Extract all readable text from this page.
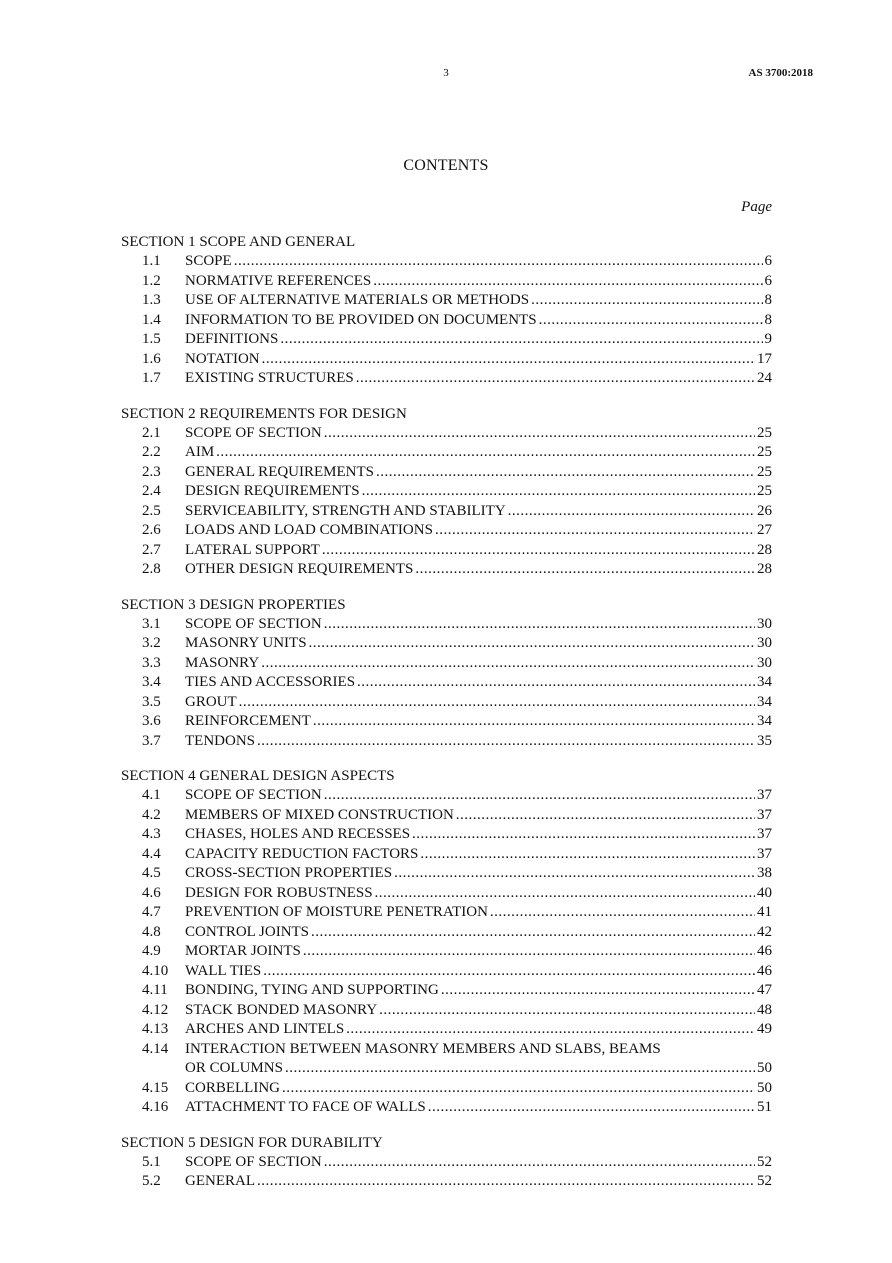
3	AS 3700:2018
CONTENTS
Page
SECTION 1 SCOPE AND GENERAL
1.1 SCOPE .....	6
1.2 NORMATIVE REFERENCES .....	6
1.3 USE OF ALTERNATIVE MATERIALS OR METHODS .....	8
1.4 INFORMATION TO BE PROVIDED ON DOCUMENTS .....	8
1.5 DEFINITIONS .....	9
1.6 NOTATION .....	17
1.7 EXISTING STRUCTURES .....	24
SECTION 2 REQUIREMENTS FOR DESIGN
2.1 SCOPE OF SECTION .....	25
2.2 AIM .....	25
2.3 GENERAL REQUIREMENTS .....	25
2.4 DESIGN REQUIREMENTS .....	25
2.5 SERVICEABILITY, STRENGTH AND STABILITY .....	26
2.6 LOADS AND LOAD COMBINATIONS .....	27
2.7 LATERAL SUPPORT .....	28
2.8 OTHER DESIGN REQUIREMENTS .....	28
SECTION 3 DESIGN PROPERTIES
3.1 SCOPE OF SECTION .....	30
3.2 MASONRY UNITS .....	30
3.3 MASONRY .....	30
3.4 TIES AND ACCESSORIES .....	34
3.5 GROUT .....	34
3.6 REINFORCEMENT .....	34
3.7 TENDONS .....	35
SECTION 4 GENERAL DESIGN ASPECTS
4.1 SCOPE OF SECTION .....	37
4.2 MEMBERS OF MIXED CONSTRUCTION .....	37
4.3 CHASES, HOLES AND RECESSES .....	37
4.4 CAPACITY REDUCTION FACTORS .....	37
4.5 CROSS-SECTION PROPERTIES .....	38
4.6 DESIGN FOR ROBUSTNESS .....	40
4.7 PREVENTION OF MOISTURE PENETRATION .....	41
4.8 CONTROL JOINTS .....	42
4.9 MORTAR JOINTS .....	46
4.10 WALL TIES .....	46
4.11 BONDING, TYING AND SUPPORTING .....	47
4.12 STACK BONDED MASONRY .....	48
4.13 ARCHES AND LINTELS .....	49
4.14 INTERACTION BETWEEN MASONRY MEMBERS AND SLABS, BEAMS
OR COLUMNS .....	50
4.15 CORBELLING .....	50
4.16 ATTACHMENT TO FACE OF WALLS .....	51
SECTION 5 DESIGN FOR DURABILITY
5.1 SCOPE OF SECTION .....	52
5.2 GENERAL .....	52
